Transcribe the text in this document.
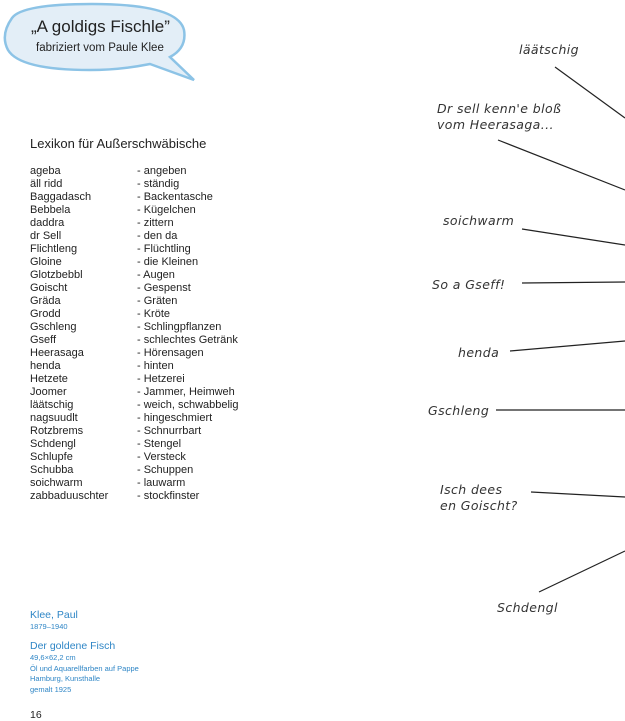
„A goldigs Fischle”
fabriziert vom Paule Klee
Lexikon für Außerschwäbische
ageba	- angeben
äll ridd	- ständig
Baggadasch	- Backentasche
Bebbela	- Kügelchen
daddra	- zittern
dr Sell	- den da
Flichtleng	- Flüchtling
Gloine	- die Kleinen
Glotzbebbl	- Augen
Goischt	- Gespenst
Gräda	- Gräten
Grodd	- Kröte
Gschleng	- Schlingpflanzen
Gseff	- schlechtes Getränk
Heerasaga	- Hörensagen
henda	- hinten
Hetzete	- Hetzerei
Joomer	- Jammer, Heimweh
läätschig	- weich, schwabbelig
nagsuudlt	- hingeschmiert
Rotzbrems	- Schnurrbart
Schdengl	- Stengel
Schlupfe	- Versteck
Schubba	- Schuppen
soichwarm	- lauwarm
zabbaduuschter	- stockfinster
läätschig
Dr sell kenn'e bloß
vom Heerasaga...
soichwarm
So a Gseff!
henda
Gschleng
Isch dees
en Goischt?
Schdengl
Klee, Paul
1879–1940
Der goldene Fisch
49,6×62,2 cm
Öl und Aquarellfarben auf Pappe
Hamburg, Kunsthalle
gemalt 1925
16
